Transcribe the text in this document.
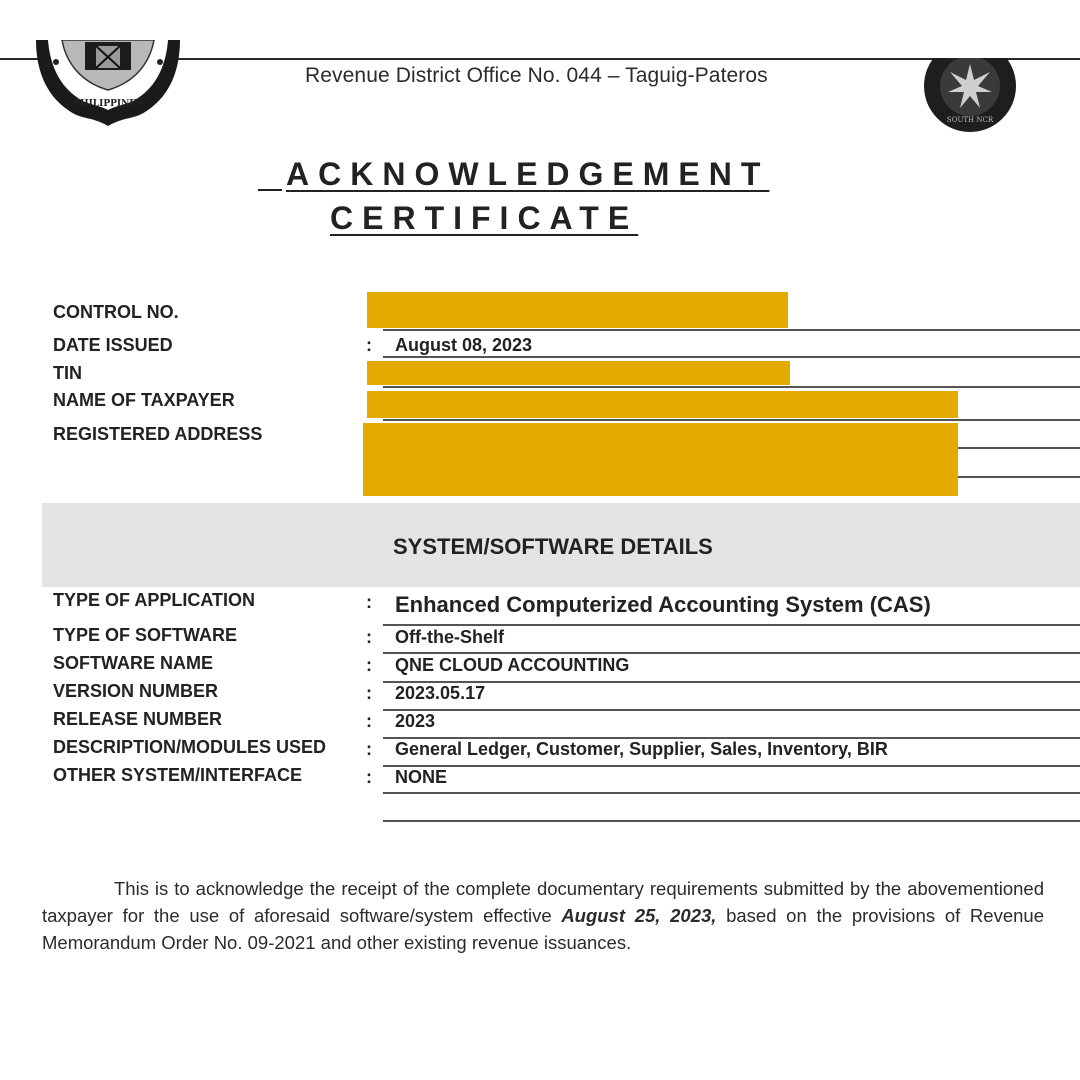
PHILIPPINES
Revenue District Office No. 044 – Taguig-Pateros
SOUTH NCR
ACKNOWLEDGEMENT
CERTIFICATE
CONTROL NO.
DATE ISSUED	: August 08, 2023
TIN
NAME OF TAXPAYER
REGISTERED ADDRESS
SYSTEM/SOFTWARE DETAILS
TYPE OF APPLICATION	: Enhanced Computerized Accounting System (CAS)
TYPE OF SOFTWARE	: Off-the-Shelf
SOFTWARE NAME	: QNE CLOUD ACCOUNTING
VERSION NUMBER	: 2023.05.17
RELEASE NUMBER	: 2023
DESCRIPTION/MODULES USED : General Ledger, Customer, Supplier, Sales, Inventory, BIR
OTHER SYSTEM/INTERFACE	: NONE
This is to acknowledge the receipt of the complete documentary requirements submitted by the abovementioned taxpayer for the use of aforesaid software/system effective August 25, 2023, based on the provisions of Revenue Memorandum Order No. 09-2021 and other existing revenue issuances.
